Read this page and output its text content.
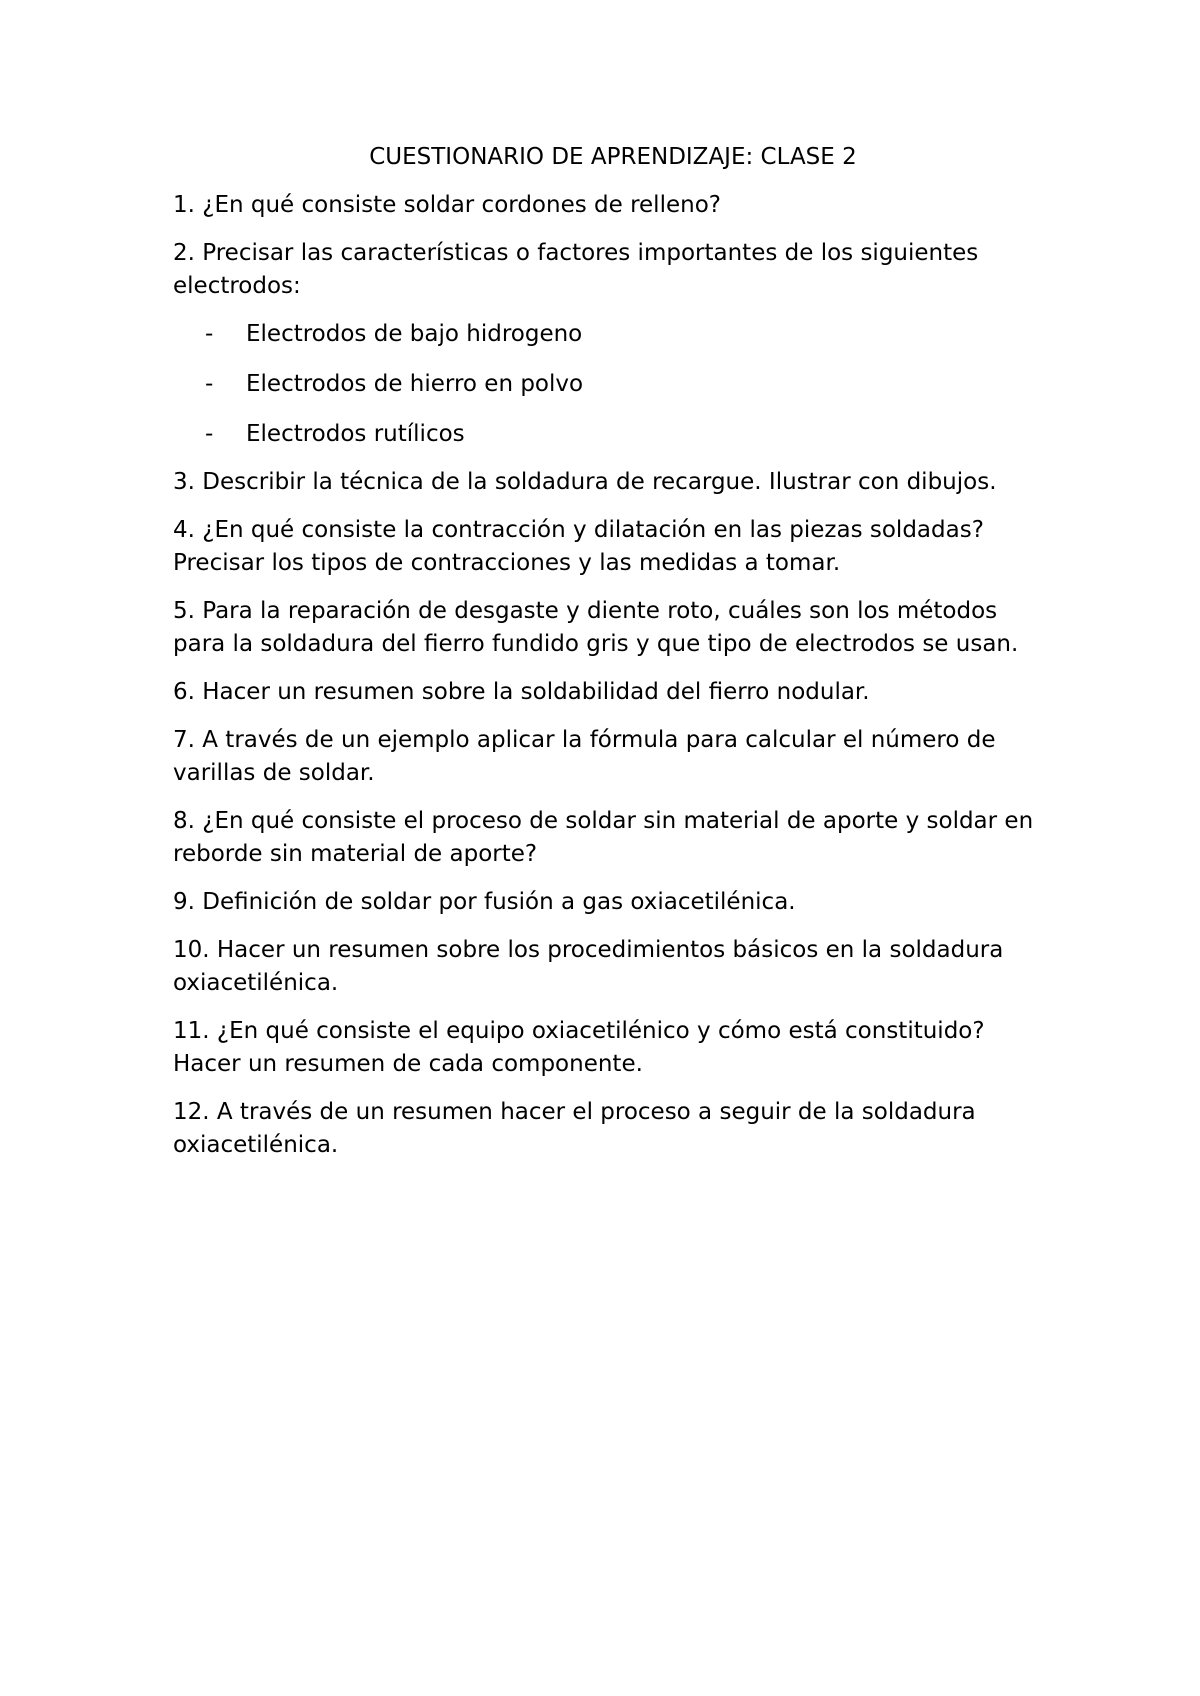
CUESTIONARIO DE APRENDIZAJE: CLASE 2
1. ¿En qué consiste soldar cordones de relleno?
2. Precisar las características o factores importantes de los siguientes electrodos:
- Electrodos de bajo hidrogeno
- Electrodos de hierro en polvo
- Electrodos rutílicos
3. Describir la técnica de la soldadura de recargue. Ilustrar con dibujos.
4. ¿En qué consiste la contracción y dilatación en las piezas soldadas? Precisar los tipos de contracciones y las medidas a tomar.
5. Para la reparación de desgaste y diente roto, cuáles son los métodos para la soldadura del fierro fundido gris y que tipo de electrodos se usan.
6. Hacer un resumen sobre la soldabilidad del fierro nodular.
7. A través de un ejemplo aplicar la fórmula para calcular el número de varillas de soldar.
8. ¿En qué consiste el proceso de soldar sin material de aporte y soldar en reborde sin material de aporte?
9. Definición de soldar por fusión a gas oxiacetilénica.
10. Hacer un resumen sobre los procedimientos básicos en la soldadura oxiacetilénica.
11. ¿En qué consiste el equipo oxiacetilénico y cómo está constituido? Hacer un resumen de cada componente.
12. A través de un resumen hacer el proceso a seguir de la soldadura oxiacetilénica.
